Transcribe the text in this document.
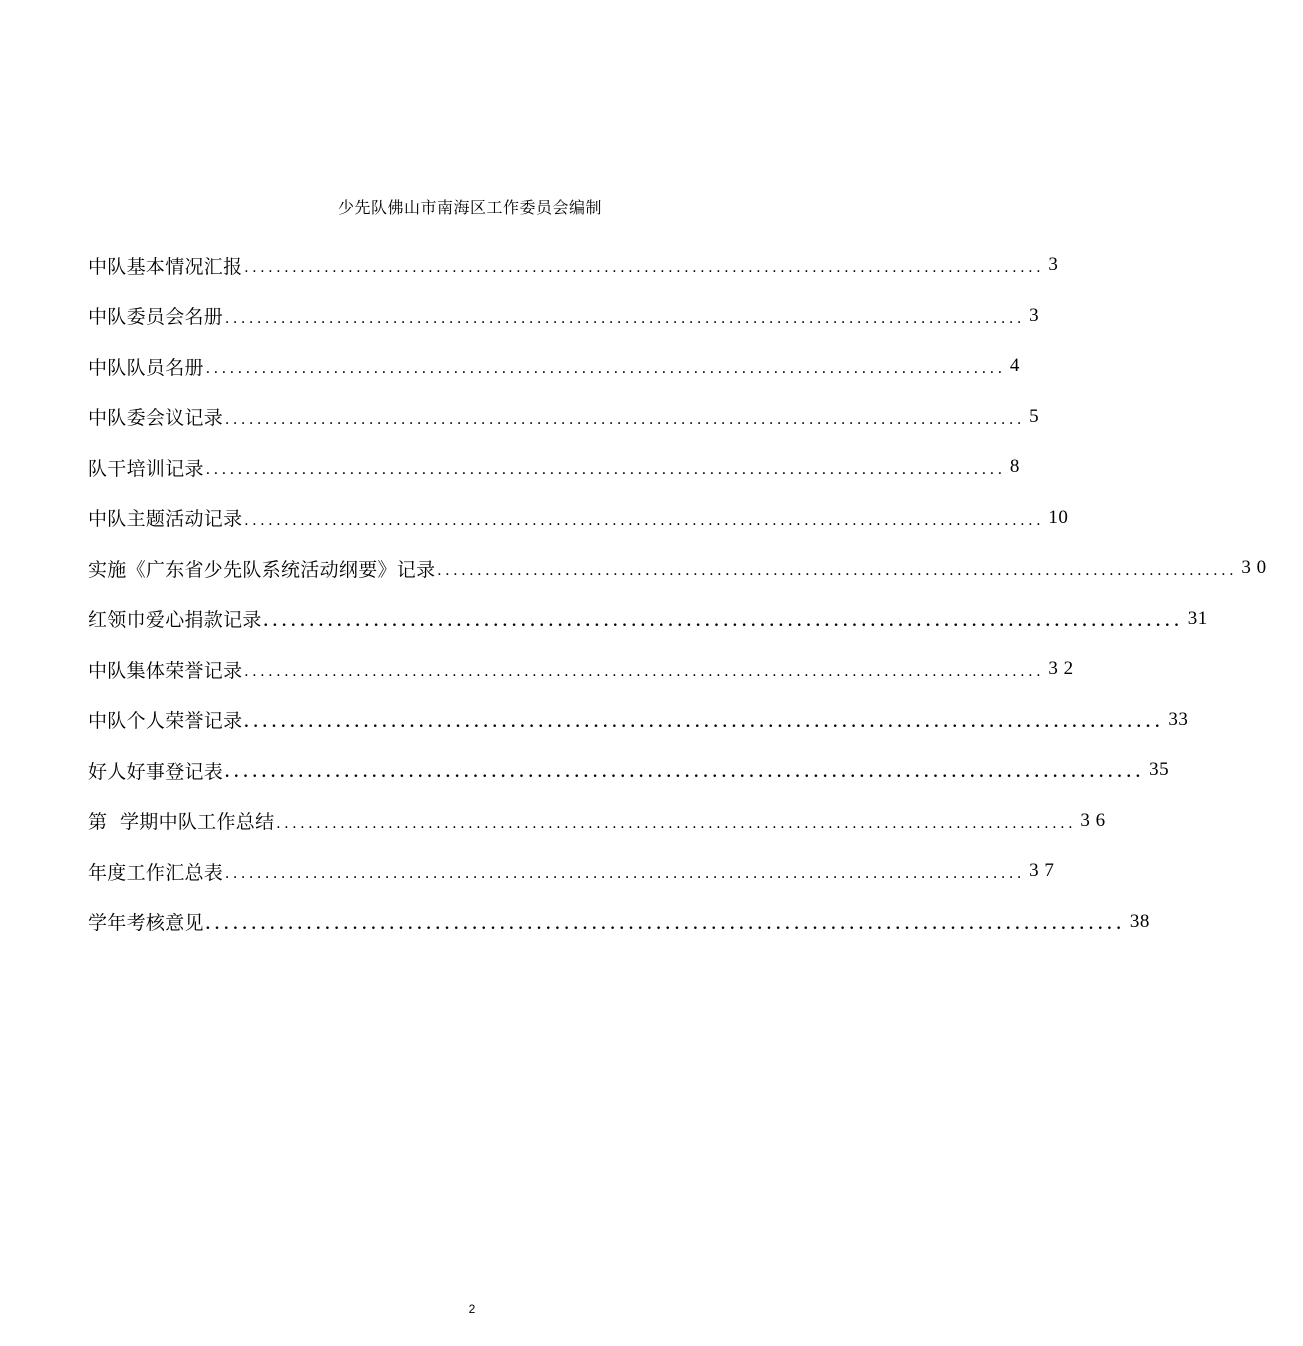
少先队佛山市南海区工作委员会编制
中队基本情况汇报 .................................................................................................... 3
中队委员会名册 .................................................................................................... 3
中队队员名册 .................................................................................................... 4
中队委会议记录 .................................................................................................... 5
队干培训记录 .................................................................................................... 8
中队主题活动记录 .................................................................................................... 10
实施《广东省少先队系统活动纲要》记录 .................................................................................................... 3 0
红领巾爱心捐款记录 .................................................................................................... 31
中队集体荣誉记录 .................................................................................................... 3 2
中队个人荣誉记录 .................................................................................................... 33
好人好事登记表 .................................................................................................... 35
第  学期中队工作总结 .................................................................................................... 3 6
年度工作汇总表 .................................................................................................... 3 7
学年考核意见 .................................................................................................... 38
2
